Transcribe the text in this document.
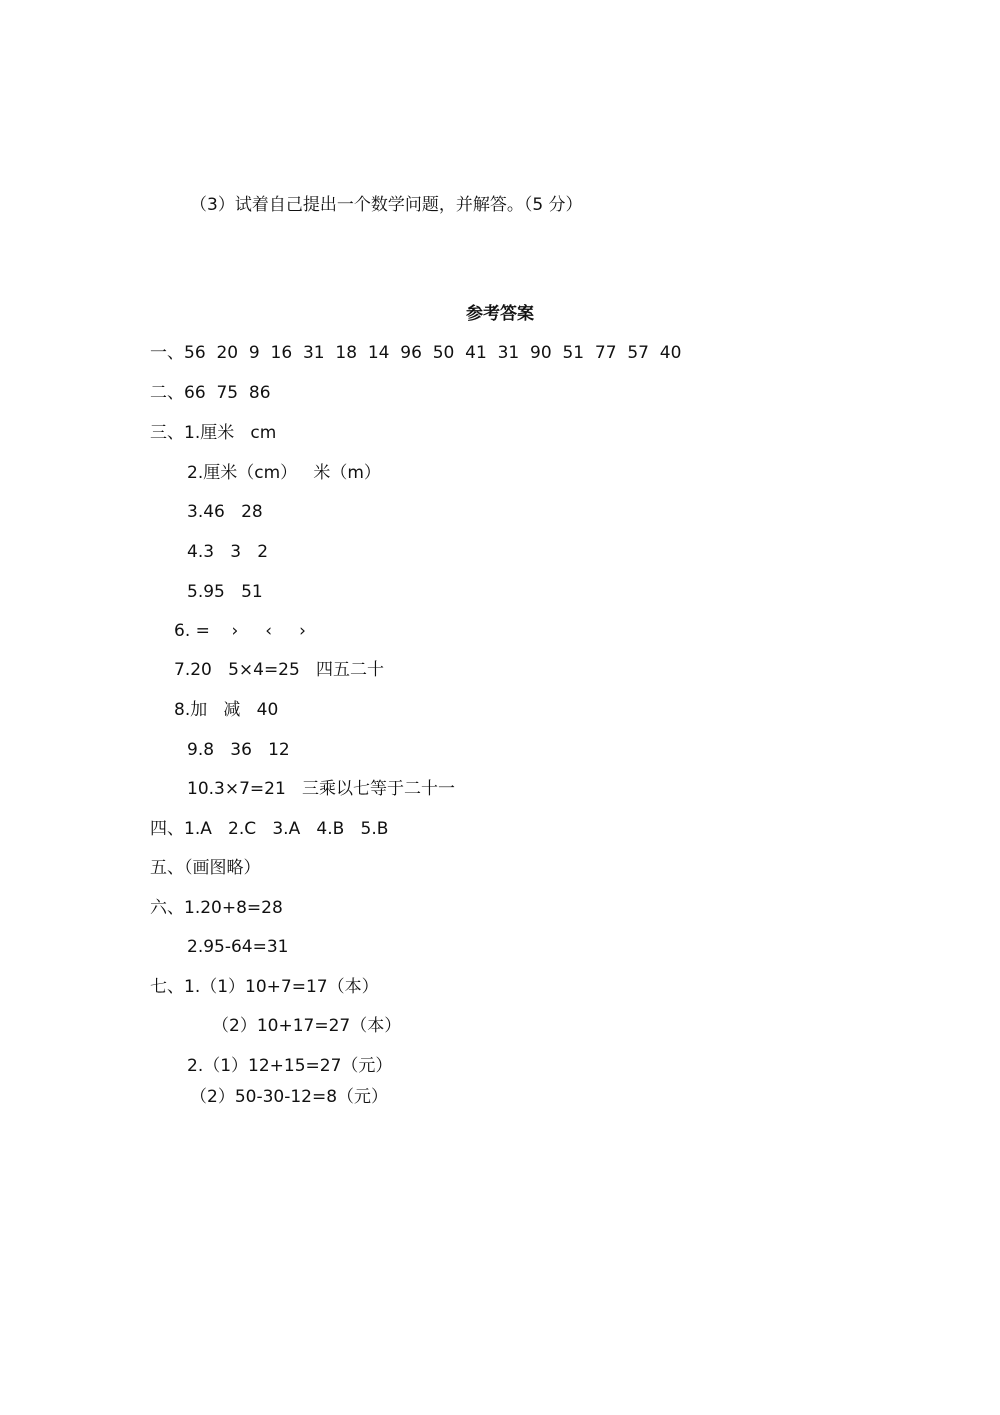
（3）试着自己提出一个数学问题，并解答。（5 分）
参考答案
一、56  20  9  16  31  18  14  96  50  41  31  90  51  77  57  40
二、66  75  86
三、1.厘米   cm
2.厘米（cm）   米（m）
3.46   28
4.3   3   2
5.95   51
6. =    ›     ‹     ›
7.20   5×4=25   四五二十
8.加   减   40
9.8   36   12
10.3×7=21   三乘以七等于二十一
四、1.A   2.C   3.A   4.B   5.B
五、（画图略）
六、1.20+8=28
2.95-64=31
七、1.（1）10+7=17（本）
（2）10+17=27（本）
2.（1）12+15=27（元）
（2）50-30-12=8（元）
